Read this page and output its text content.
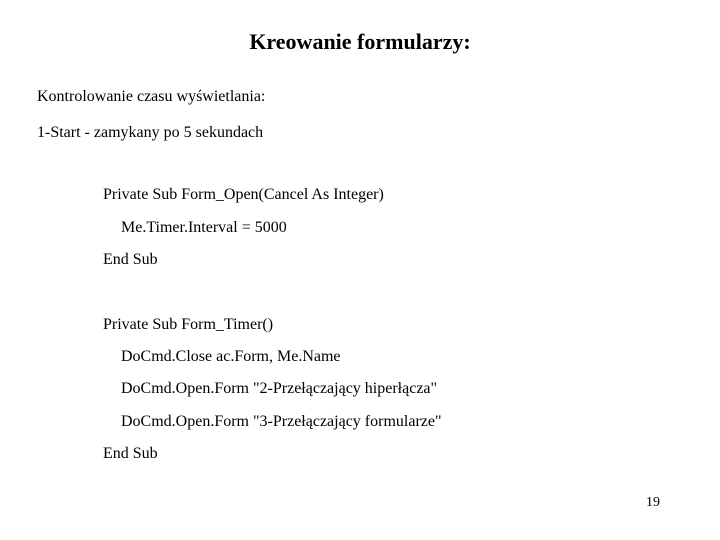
Kreowanie formularzy:

Kontrolowanie czasu wyświetlania:

1-Start - zamykany po 5 sekundach

Private Sub Form_Open(Cancel As Integer)

Me.Timer.Interval = 5000

End Sub

Private Sub Form_Timer()

DoCmd.Close ac.Form, Me.Name

DoCmd.Open.Form "2-Przełączający hiperłącza"

DoCmd.Open.Form "3-Przełączający formularze"

End Sub

19
